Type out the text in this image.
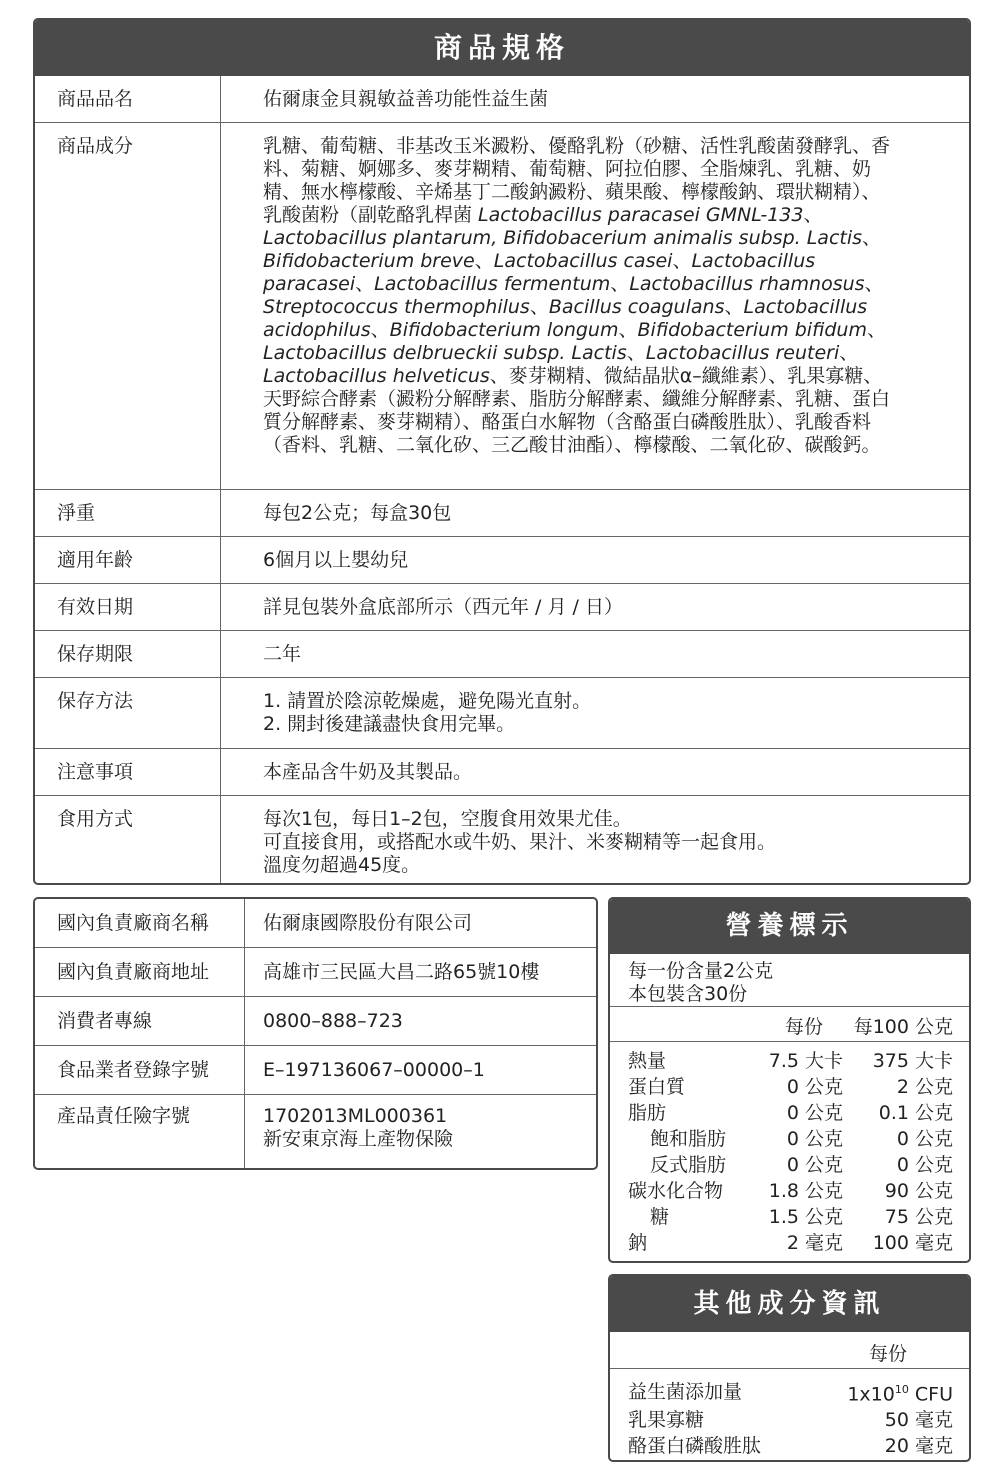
商品規格
商品品名	佑爾康金貝親敏益善功能性益生菌
商品成分	乳糖、葡萄糖、非基改玉米澱粉、優酪乳粉（砂糖、活性乳酸菌發酵乳、香料、菊糖、婀娜多、麥芽糊精、葡萄糖、阿拉伯膠、全脂煉乳、乳糖、奶精、無水檸檬酸、辛烯基丁二酸鈉澱粉、蘋果酸、檸檬酸鈉、環狀糊精）、乳酸菌粉（副乾酪乳桿菌 Lactobacillus paracasei GMNL-133、Lactobacillus plantarum, Bifidobacerium animalis subsp. Lactis、Bifidobacterium breve、Lactobacillus casei、Lactobacillus paracasei、Lactobacillus fermentum、Lactobacillus rhamnosus、Streptococcus thermophilus、Bacillus coagulans、Lactobacillus acidophilus、Bifidobacterium longum、Bifidobacterium bifidum、Lactobacillus delbrueckii subsp. Lactis、Lactobacillus reuteri、Lactobacillus helveticus、麥芽糊精、微結晶狀α–纖維素）、乳果寡糖、天野綜合酵素（澱粉分解酵素、脂肪分解酵素、纖維分解酵素、乳糖、蛋白質分解酵素、麥芽糊精）、酪蛋白水解物（含酪蛋白磷酸胜肽）、乳酸香料（香料、乳糖、二氧化矽、三乙酸甘油酯）、檸檬酸、二氧化矽、碳酸鈣。
淨重	每包2公克；每盒30包
適用年齡	6個月以上嬰幼兒
有效日期	詳見包裝外盒底部所示（西元年 / 月 / 日）
保存期限	二年
保存方法	1. 請置於陰涼乾燥處，避免陽光直射。
2. 開封後建議盡快食用完畢。
注意事項	本產品含牛奶及其製品。
食用方式	每次1包，每日1–2包，空腹食用效果尤佳。
可直接食用，或搭配水或牛奶、果汁、米麥糊精等一起食用。
溫度勿超過45度。
國內負責廠商名稱	佑爾康國際股份有限公司
國內負責廠商地址	高雄市三民區大昌二路65號10樓
消費者專線	0800–888–723
食品業者登錄字號	E–197136067–00000–1
產品責任險字號	1702013ML000361
新安東京海上產物保險
營養標示
每一份含量2公克
本包裝含30份
每份 每100 公克
熱量	7.5 大卡	375 大卡
蛋白質	0 公克	2 公克
脂肪	0 公克	0.1 公克
飽和脂肪	0 公克	0 公克
反式脂肪	0 公克	0 公克
碳水化合物	1.8 公克	90 公克
糖	1.5 公克	75 公克
鈉	2 毫克	100 毫克
其他成分資訊
每份
益生菌添加量	$1x10^{10}$ CFU
乳果寡糖	50 毫克
酪蛋白磷酸胜肽	20 毫克
